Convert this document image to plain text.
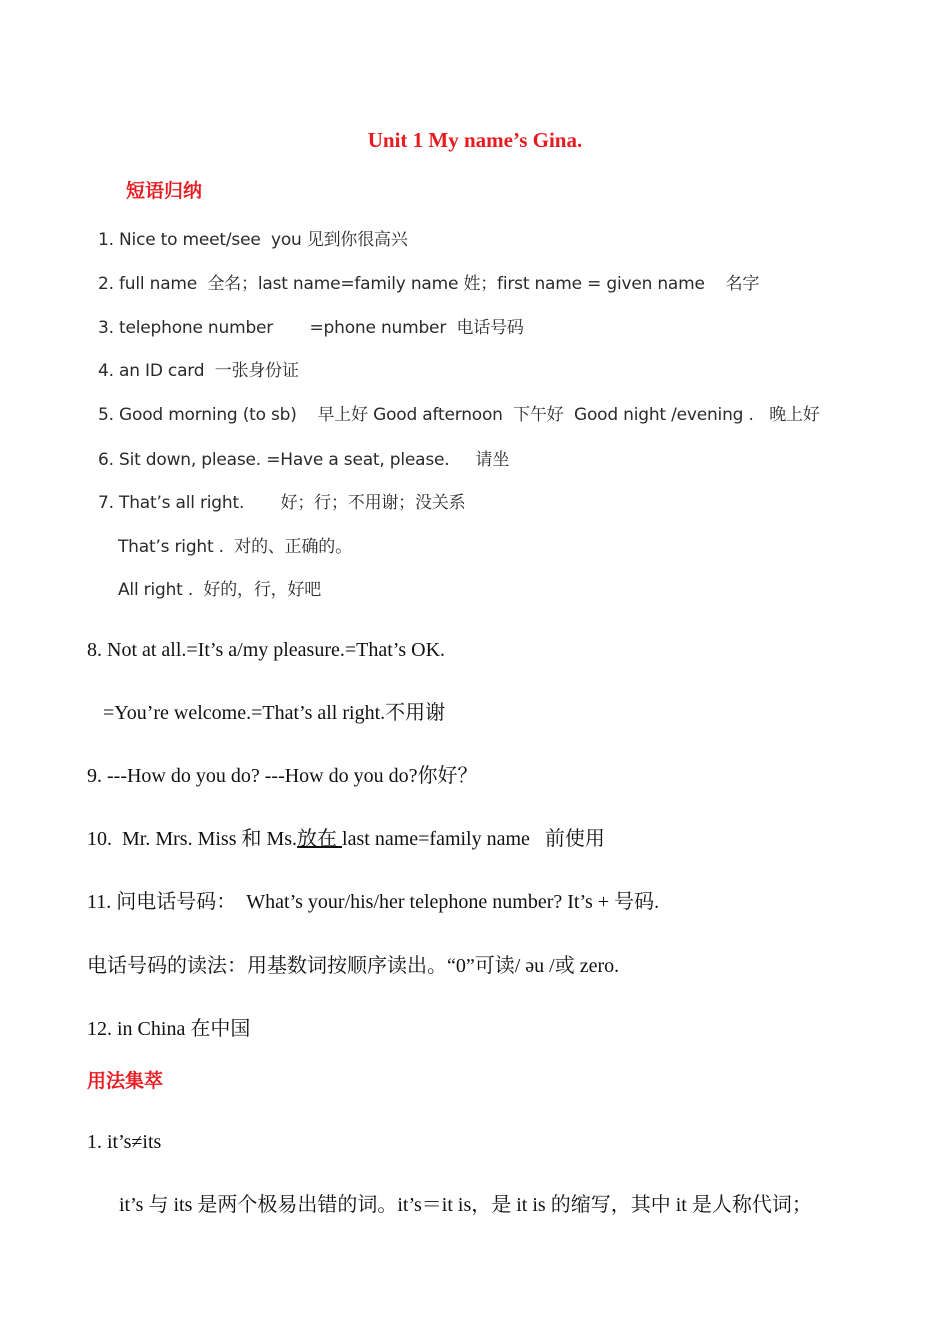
Unit 1 My name’s Gina.
短语归纳
1. Nice to meet/see  you 见到你很高兴
2. full name  全名；last name=family name 姓；first name = given name    名字
3. telephone number       =phone number  电话号码
4. an ID card  一张身份证
5. Good morning (to sb)    早上好 Good afternoon  下午好  Good night /evening .   晚上好
6. Sit down, please. =Have a seat, please.     请坐
7. That’s all right.       好；行；不用谢；没关系
That’s right .  对的、正确的。
All right .  好的，行，好吧
8. Not at all.=It’s a/my pleasure.=That’s OK.
=You’re welcome.=That’s all right.不用谢
9. ---How do you do? ---How do you do?你好？
10.  Mr. Mrs. Miss 和 Ms.放在 last name=family name   前使用
11. 问电话号码：  What’s your/his/her telephone number? It’s + 号码.
电话号码的读法：用基数词按顺序读出。“0”可读/ əu /或 zero.
12. in China 在中国
用法集萃
1. it’s≠its
it’s 与 its 是两个极易出错的词。it’s＝it is，是 it is 的缩写，其中 it 是人称代词；
